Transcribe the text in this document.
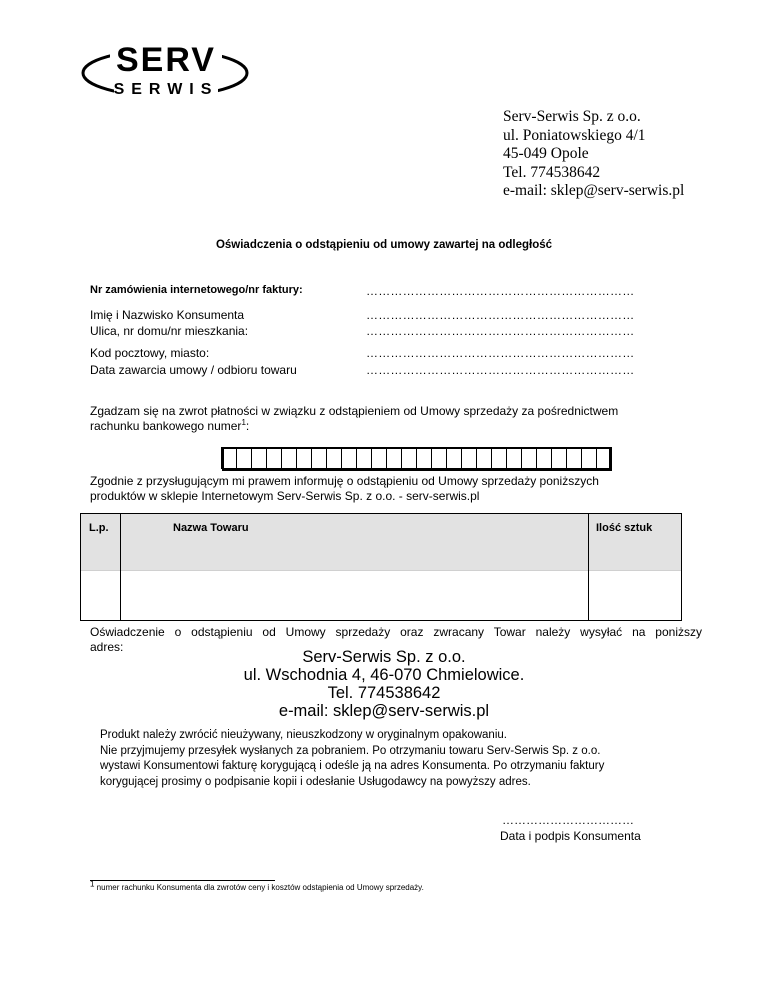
SERV
SERWIS
Serv-Serwis Sp. z o.o.
ul. Poniatowskiego 4/1
45-049 Opole
Tel. 774538642
e-mail: sklep@serv-serwis.pl
Oświadczenia o odstąpieniu od umowy zawartej na odległość
Nr zamówienia internetowego/nr faktury:	…………………………………………………………
Imię i Nazwisko Konsumenta	…………………………………………………………
Ulica, nr domu/nr mieszkania:	…………………………………………………………
Kod pocztowy, miasto:	…………………………………………………………
Data zawarcia umowy / odbioru towaru	…………………………………………………………
Zgadzam się na zwrot płatności w związku z odstąpieniem od Umowy sprzedaży za pośrednictwem
rachunku bankowego numer$^1$:
Zgodnie z przysługującym mi prawem informuję o odstąpieniu od Umowy sprzedaży poniższych
produktów w sklepie Internetowym Serv-Serwis Sp. z o.o. - serv-serwis.pl
L.p.	Nazwa Towaru	Ilość sztuk
Oświadczenie o odstąpieniu od Umowy sprzedaży oraz zwracany Towar należy wysyłać na poniższy
adres:
Serv-Serwis Sp. z o.o.
ul. Wschodnia 4, 46-070 Chmielowice.
Tel. 774538642
e-mail: sklep@serv-serwis.pl
Produkt należy zwrócić nieużywany, nieuszkodzony w oryginalnym opakowaniu.
Nie przyjmujemy przesyłek wysłanych za pobraniem. Po otrzymaniu towaru Serv-Serwis Sp. z o.o.
wystawi Konsumentowi fakturę korygującą i odeśle ją na adres Konsumenta. Po otrzymaniu faktury
korygującej prosimy o podpisanie kopii i odesłanie Usługodawcy na powyższy adres.
……………………………
Data i podpis Konsumenta
$^1$ numer rachunku Konsumenta dla zwrotów ceny i kosztów odstąpienia od Umowy sprzedaży.
